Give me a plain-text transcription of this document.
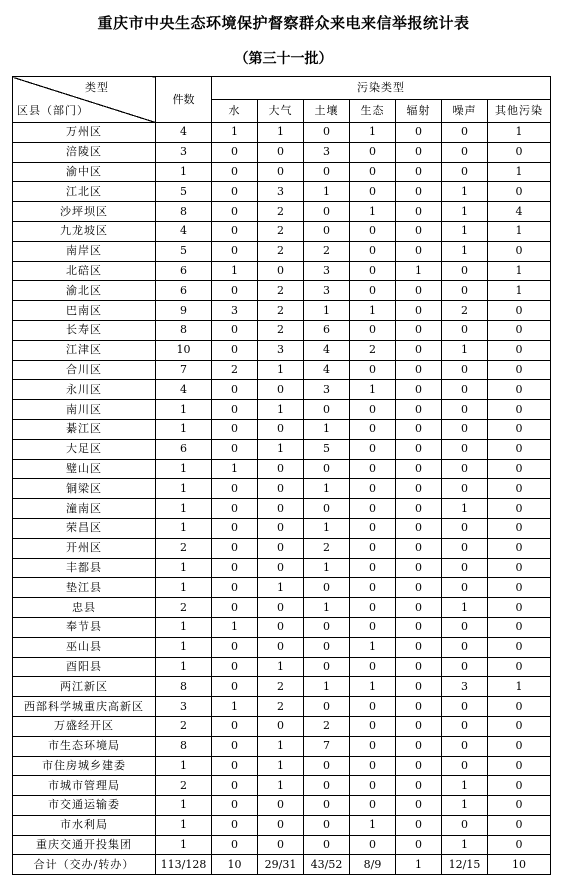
重庆市中央生态环境保护督察群众来电来信举报统计表
（第三十一批）
类型
区县（部门）	件数	污染类型						
		水	大气	土壤	生态	辐射	噪声	其他污染
万州区	4	1	1	0	1	0	0	1
涪陵区	3	0	0	3	0	0	0	0
渝中区	1	0	0	0	0	0	0	1
江北区	5	0	3	1	0	0	1	0
沙坪坝区	8	0	2	0	1	0	1	4
九龙坡区	4	0	2	0	0	0	1	1
南岸区	5	0	2	2	0	0	1	0
北碚区	6	1	0	3	0	1	0	1
渝北区	6	0	2	3	0	0	0	1
巴南区	9	3	2	1	1	0	2	0
长寿区	8	0	2	6	0	0	0	0
江津区	10	0	3	4	2	0	1	0
合川区	7	2	1	4	0	0	0	0
永川区	4	0	0	3	1	0	0	0
南川区	1	0	1	0	0	0	0	0
綦江区	1	0	0	1	0	0	0	0
大足区	6	0	1	5	0	0	0	0
璧山区	1	1	0	0	0	0	0	0
铜梁区	1	0	0	1	0	0	0	0
潼南区	1	0	0	0	0	0	1	0
荣昌区	1	0	0	1	0	0	0	0
开州区	2	0	0	2	0	0	0	0
丰都县	1	0	0	1	0	0	0	0
垫江县	1	0	1	0	0	0	0	0
忠县	2	0	0	1	0	0	1	0
奉节县	1	1	0	0	0	0	0	0
巫山县	1	0	0	0	1	0	0	0
酉阳县	1	0	1	0	0	0	0	0
两江新区	8	0	2	1	1	0	3	1
西部科学城重庆高新区	3	1	2	0	0	0	0	0
万盛经开区	2	0	0	2	0	0	0	0
市生态环境局	8	0	1	7	0	0	0	0
市住房城乡建委	1	0	1	0	0	0	0	0
市城市管理局	2	0	1	0	0	0	1	0
市交通运输委	1	0	0	0	0	0	1	0
市水利局	1	0	0	0	1	0	0	0
重庆交通开投集团	1	0	0	0	0	0	1	0
合计（交办/转办）	113/128	10	29/31	43/52	8/9	1	12/15	10
